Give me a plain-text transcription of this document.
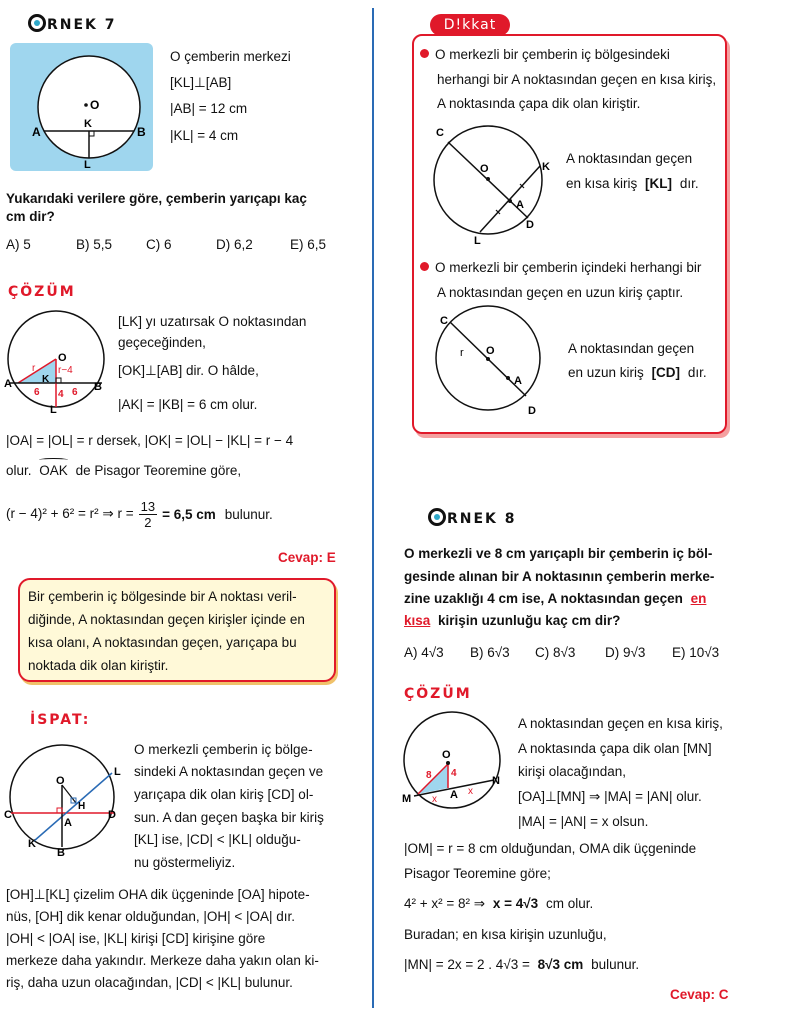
RNEK 7
O
A	B
K
L
O çemberin merkezi
[KL]⊥[AB]
|AB| = 12 cm
|KL| = 4 cm
Yukarıdaki verilere göre, çemberin yarıçapı kaç
cm dir?
A) 5	B) 5,5	C) 6	D) 6,2	E) 6,5
ÇÖZÜM
O
A	B
K
L
r r−4
6	6
4
[LK] yı uzatırsak O noktasından
geçeceğinden,
[OK]⊥[AB] dir. O hâlde,
|AK| = |KB| = 6 cm olur.
|OA| = |OL| = r dersek, |OK| = |OL| − |KL| = r − 4
olur. OAK de Pisagor Teoremine göre,
(r − 4)² + 6² = r² ⇒ $r = \frac{13}{2} = 6,5$ cm bulunur.
Cevap: E
Bir çemberin iç bölgesinde bir A noktası veril-
diğinde, A noktasından geçen kirişler içinde en
kısa olanı, A noktasından geçen, yarıçapa bu
noktada dik olan kiriştir.
İSPAT:
O
C	D
A
B
H
K
L
O merkezli çemberin iç bölge-
sindeki A noktasından geçen ve
yarıçapa dik olan kiriş [CD] ol-
sun. A dan geçen başka bir kiriş
[KL] ise, |CD| < |KL| olduğu-
nu göstermeliyiz.
[OH]⊥[KL] çizelim OHA dik üçgeninde [OA] hipote-
nüs, [OH] dik kenar olduğundan, |OH| < |OA| dır.
|OH| < |OA| ise, |KL| kirişi [CD] kirişine göre
merkeze daha yakındır. Merkeze daha yakın olan ki-
riş, daha uzun olacağından, |CD| < |KL| bulunur.
D!kkat
O merkezli bir çemberin iç bölgesindeki
herhangi bir A noktasından geçen en kısa kiriş,
A noktasında çapa dik olan kiriştir.
C
O	K
A
D
L
A noktasından geçen
en kısa kiriş [KL] dır.
O merkezli bir çemberin içindeki herhangi bir
A noktasından geçen en uzun kiriş çaptır.
C
r O
A
D
A noktasından geçen
en uzun kiriş [CD] dır.
RNEK 8
O merkezli ve 8 cm yarıçaplı bir çemberin iç böl-
gesinde alınan bir A noktasının çemberin merke-
zine uzaklığı 4 cm ise, A noktasından geçen en
kısa kirişin uzunluğu kaç cm dir?
A) 4√3 B) 6√3 C) 8√3 D) 9√3 E) 10√3
ÇÖZÜM
O
M
N
A
8 4
x
x
A noktasından geçen en kısa kiriş,
A noktasında çapa dik olan [MN]
kirişi olacağından,
[OA]⊥[MN] ⇒ |MA| = |AN| olur.
|MA| = |AN| = x olsun.
|OM| = r = 8 cm olduğundan, OMA dik üçgeninde
Pisagor Teoremine göre;
4² + x² = 8² ⇒ x = 4√3 cm olur.
Buradan; en kısa kirişin uzunluğu,
|MN| = 2x = 2 . 4√3 = 8√3 cm bulunur.
Cevap: C
